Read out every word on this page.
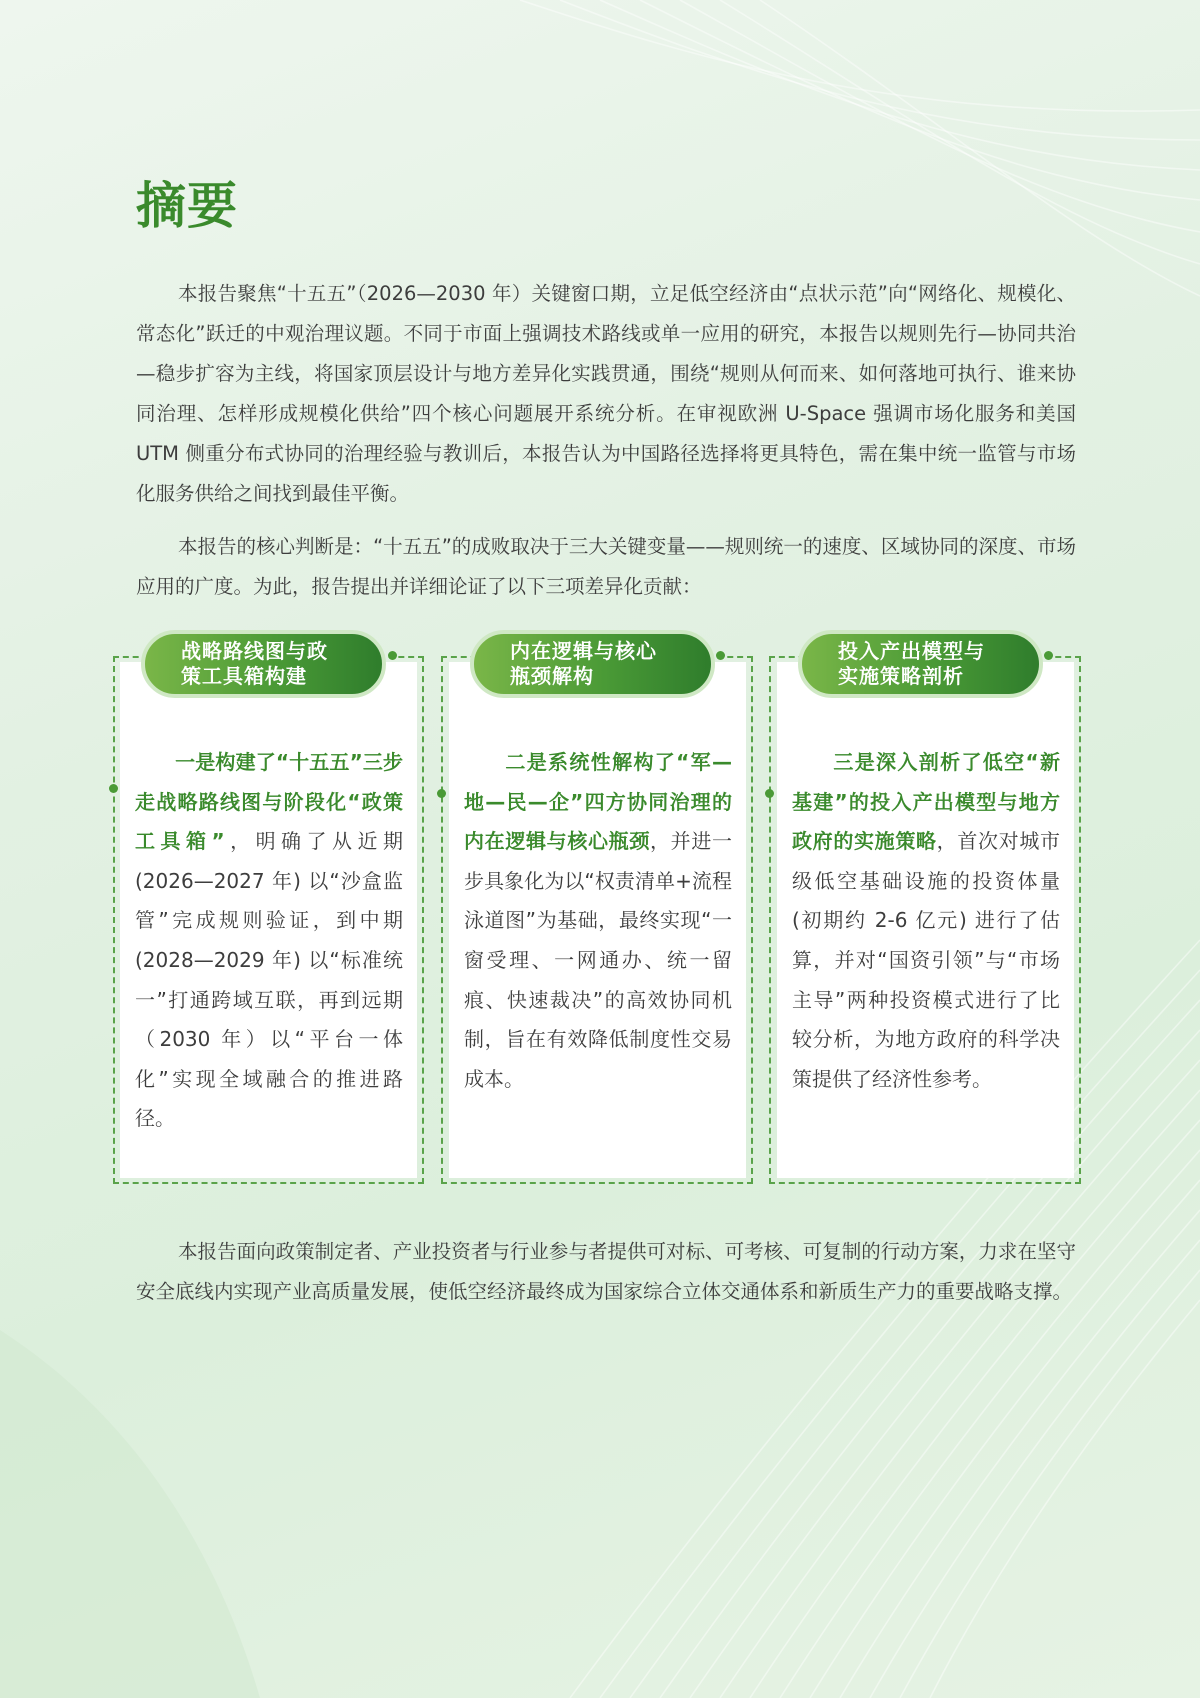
摘要

本报告聚焦“十五五”（2026—2030 年）关键窗口期，立足低空经济由“点状示范”向“网络化、规模化、常态化”跃迁的中观治理议题。不同于市面上强调技术路线或单一应用的研究，本报告以规则先行—协同共治—稳步扩容为主线，将国家顶层设计与地方差异化实践贯通，围绕“规则从何而来、如何落地可执行、谁来协同治理、怎样形成规模化供给”四个核心问题展开系统分析。在审视欧洲 U-Space 强调市场化服务和美国 UTM 侧重分布式协同的治理经验与教训后，本报告认为中国路径选择将更具特色，需在集中统一监管与市场化服务供给之间找到最佳平衡。

本报告的核心判断是：“十五五”的成败取决于三大关键变量——规则统一的速度、区域协同的深度、市场应用的广度。为此，报告提出并详细论证了以下三项差异化贡献：

战略路线图与政
策工具箱构建

一是构建了“十五五”三步走战略路线图与阶段化“政策工具箱”，明确了从近期 (2026—2027 年) 以“沙盒监管”完成规则验证，到中期 (2028—2029 年) 以“标准统一”打通跨域互联，再到远期（2030 年）以“平台一体化”实现全域融合的推进路径。

内在逻辑与核心
瓶颈解构

二是系统性解构了“军—地—民—企”四方协同治理的内在逻辑与核心瓶颈，并进一步具象化为以“权责清单+流程泳道图”为基础，最终实现“一窗受理、一网通办、统一留痕、快速裁决”的高效协同机制，旨在有效降低制度性交易成本。

投入产出模型与
实施策略剖析

三是深入剖析了低空“新基建”的投入产出模型与地方政府的实施策略，首次对城市级低空基础设施的投资体量 (初期约 2-6 亿元) 进行了估算，并对“国资引领”与“市场主导”两种投资模式进行了比较分析，为地方政府的科学决策提供了经济性参考。

本报告面向政策制定者、产业投资者与行业参与者提供可对标、可考核、可复制的行动方案，力求在坚守安全底线内实现产业高质量发展，使低空经济最终成为国家综合立体交通体系和新质生产力的重要战略支撑。
